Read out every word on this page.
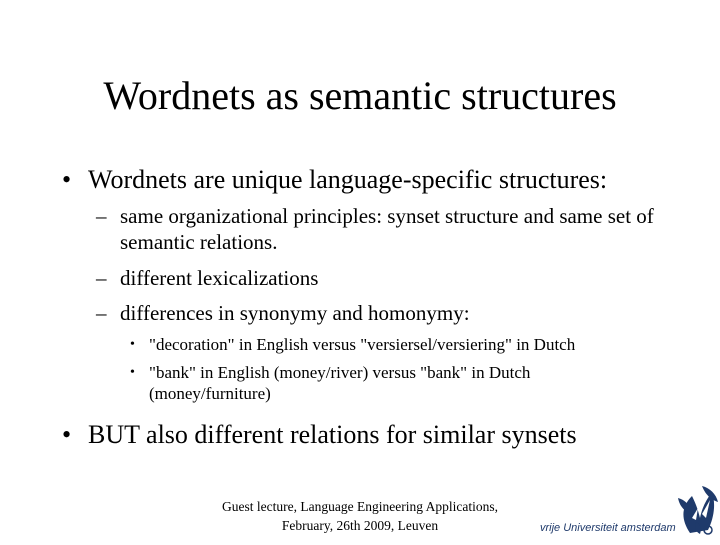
Wordnets as semantic structures
• Wordnets are unique language-specific structures:
– same organizational principles: synset structure and same set of semantic relations.
– different lexicalizations
– differences in synonymy and homonymy:
• "decoration" in English versus "versiersel/versiering" in Dutch
• "bank" in English (money/river) versus "bank" in Dutch (money/furniture)
• BUT also different relations for similar synsets
Guest lecture, Language Engineering Applications,
February, 26th 2009, Leuven	vrije Universiteit amsterdam
